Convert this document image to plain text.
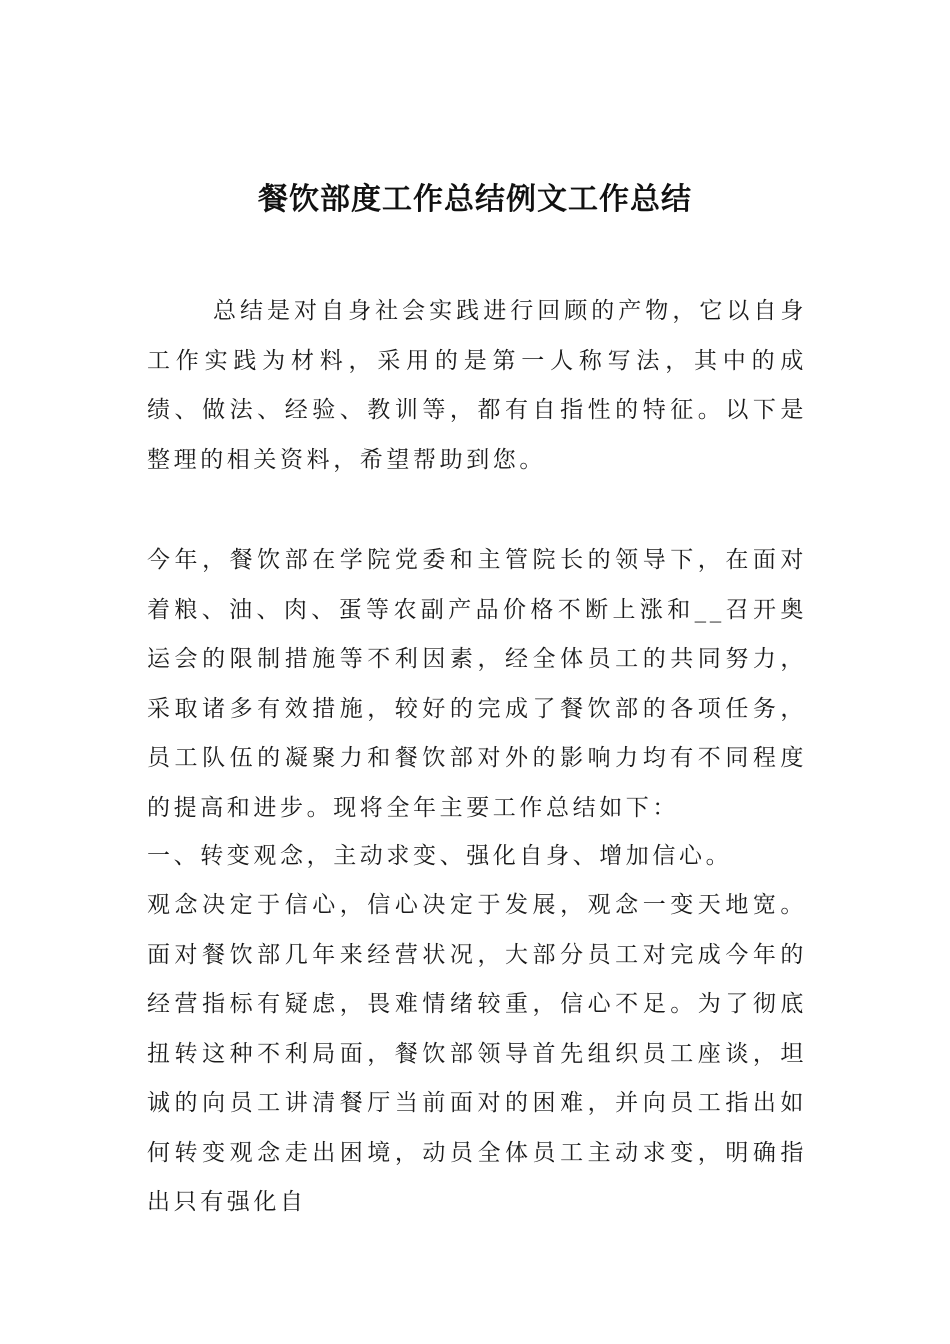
餐饮部度工作总结例文工作总结

总结是对自身社会实践进行回顾的产物，它以自身工作实践为材料，采用的是第一人称写法，其中的成绩、做法、经验、教训等，都有自指性的特征。以下是整理的相关资料，希望帮助到您。

今年，餐饮部在学院党委和主管院长的领导下，在面对着粮、油、肉、蛋等农副产品价格不断上涨和__召开奥运会的限制措施等不利因素，经全体员工的共同努力，采取诸多有效措施，较好的完成了餐饮部的各项任务，员工队伍的凝聚力和餐饮部对外的影响力均有不同程度的提高和进步。现将全年主要工作总结如下：

一、转变观念，主动求变、强化自身、增加信心。

观念决定于信心，信心决定于发展，观念一变天地宽。面对餐饮部几年来经营状况，大部分员工对完成今年的经营指标有疑虑，畏难情绪较重，信心不足。为了彻底扭转这种不利局面，餐饮部领导首先组织员工座谈，坦诚的向员工讲清餐厅当前面对的困难，并向员工指出如何转变观念走出困境，动员全体员工主动求变，明确指出只有强化自
